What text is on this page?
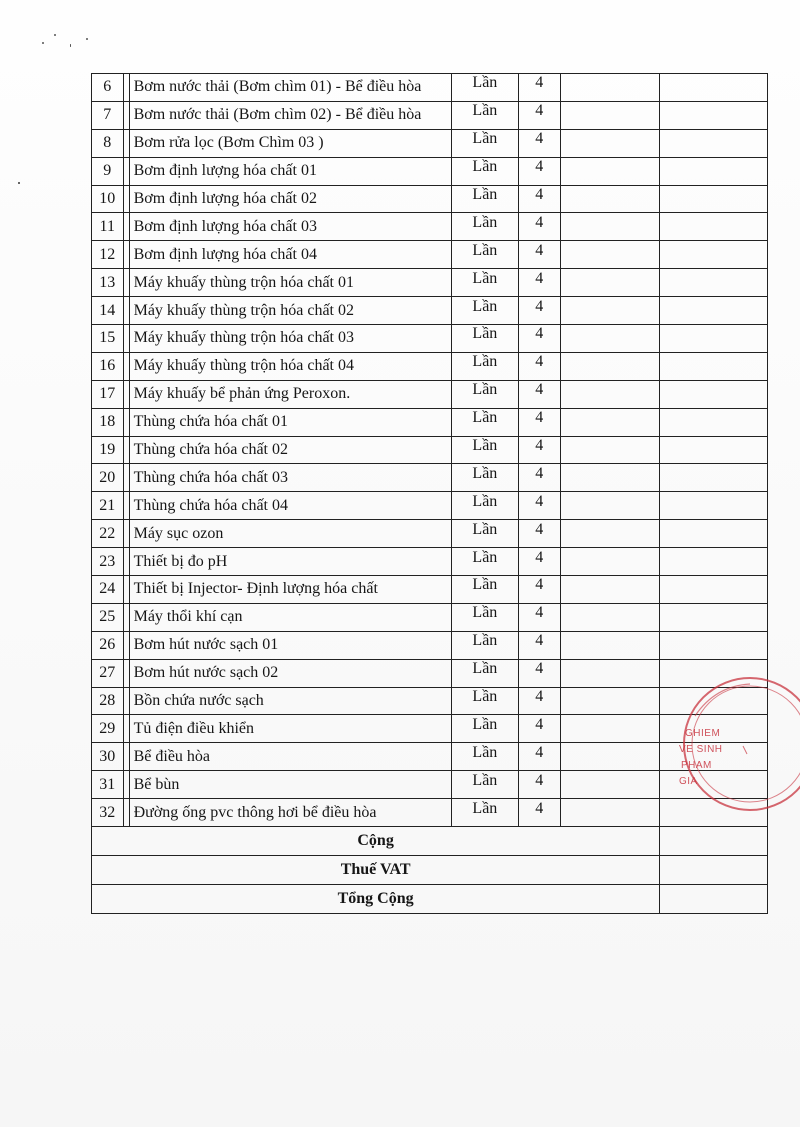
6		Bơm nước thải (Bơm chìm 01) - Bể điều hòa	Lần	4		
7		Bơm nước thải (Bơm chìm 02) - Bể điều hòa	Lần	4		
8		Bơm rửa lọc (Bơm Chìm 03 )	Lần	4		
9		Bơm định lượng hóa chất 01	Lần	4		
10		Bơm định lượng hóa chất 02	Lần	4		
11		Bơm định lượng hóa chất 03	Lần	4		
12		Bơm định lượng hóa chất 04	Lần	4		
13		Máy khuấy thùng trộn hóa chất 01	Lần	4		
14		Máy khuấy thùng trộn hóa chất 02	Lần	4		
15		Máy khuấy thùng trộn hóa chất 03	Lần	4		
16		Máy khuấy thùng trộn hóa chất 04	Lần	4		
17		Máy khuấy bể phản ứng Peroxon.	Lần	4		
18		Thùng chứa hóa chất 01	Lần	4		
19		Thùng chứa hóa chất 02	Lần	4		
20		Thùng chứa hóa chất 03	Lần	4		
21		Thùng chứa hóa chất 04	Lần	4		
22		Máy sục ozon	Lần	4		
23		Thiết bị đo pH	Lần	4		
24		Thiết bị Injector- Định lượng hóa chất	Lần	4		
25		Máy thổi khí cạn	Lần	4		
26		Bơm hút nước sạch 01	Lần	4		
27		Bơm hút nước sạch 02	Lần	4		
28		Bồn chứa nước sạch	Lần	4		
29		Tủ điện điều khiển	Lần	4		
30		Bể điều hòa	Lần	4		
31		Bể bùn	Lần	4		
32		Đường ống pvc thông hơi bể điều hòa	Lần	4		
Cộng						
Thuế VAT						
Tổng Cộng						
GHIEM
VE SINH
PHAM
GIA
